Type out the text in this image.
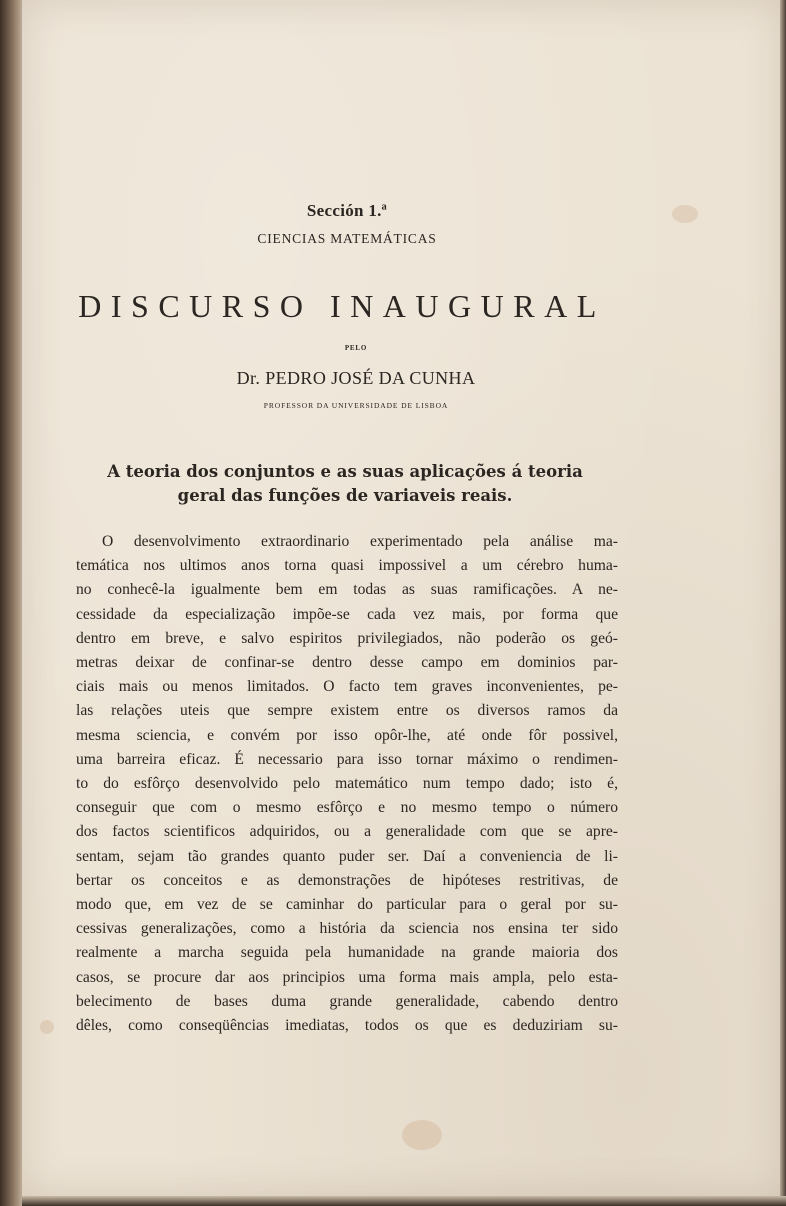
Sección 1.ª
CIENCIAS MATEMÁTICAS
DISCURSO INAUGURAL
PELO
Dr. PEDRO JOSÉ DA CUNHA
PROFESSOR DA UNIVERSIDADE DE LISBOA
A teoria dos conjuntos e as suas aplicações á teoria
geral das funções de variaveis reais.
O desenvolvimento extraordinario experimentado pela análise ma-
temática nos ultimos anos torna quasi impossivel a um cérebro huma-
no conhecê-la igualmente bem em todas as suas ramificações. A ne-
cessidade da especialização impõe-se cada vez mais, por forma que
dentro em breve, e salvo espiritos privilegiados, não poderão os geó-
metras deixar de confinar-se dentro desse campo em dominios par-
ciais mais ou menos limitados. O facto tem graves inconvenientes, pe-
las relações uteis que sempre existem entre os diversos ramos da
mesma sciencia, e convém por isso opôr-lhe, até onde fôr possivel,
uma barreira eficaz. É necessario para isso tornar máximo o rendimen-
to do esfôrço desenvolvido pelo matemático num tempo dado; isto é,
conseguir que com o mesmo esfôrço e no mesmo tempo o número
dos factos scientificos adquiridos, ou a generalidade com que se apre-
sentam, sejam tão grandes quanto puder ser. Daí a conveniencia de li-
bertar os conceitos e as demonstrações de hipóteses restritivas, de
modo que, em vez de se caminhar do particular para o geral por su-
cessivas generalizações, como a história da sciencia nos ensina ter sido
realmente a marcha seguida pela humanidade na grande maioria dos
casos, se procure dar aos principios uma forma mais ampla, pelo esta-
belecimento de bases duma grande generalidade, cabendo dentro
dêles, como conseqüências imediatas, todos os que es deduziriam su-
